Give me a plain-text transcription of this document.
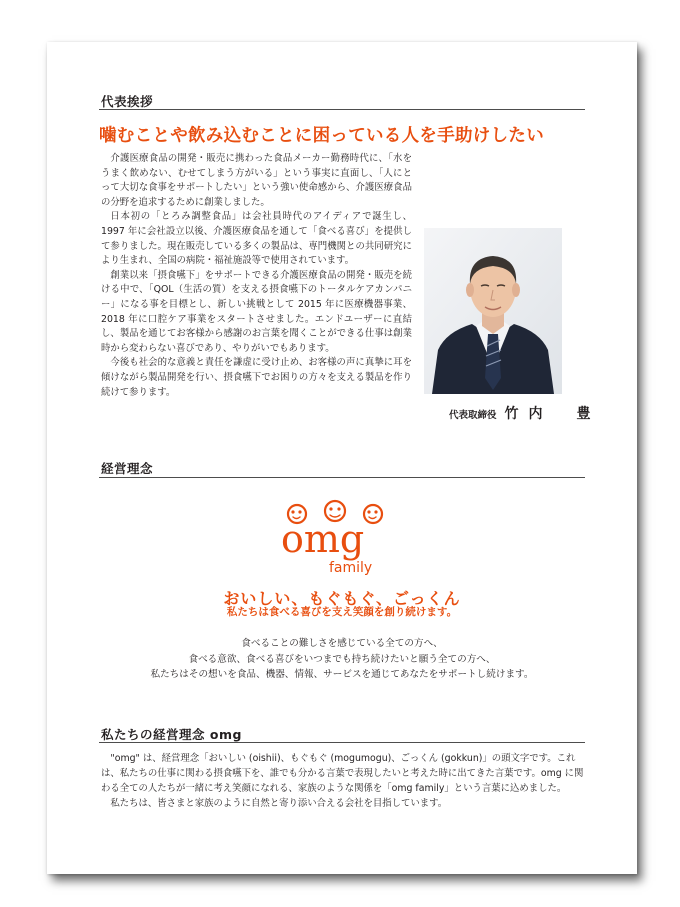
代表挨拶
噛むことや飲み込むことに困っている人を手助けしたい

介護医療食品の開発・販売に携わった食品メーカー勤務時代に、「水をうまく飲めない、むせてしまう方がいる」という事実に直面し、「人にとって大切な食事をサポートしたい」という強い使命感から、介護医療食品の分野を追求するために創業しました。

日本初の「とろみ調整食品」は会社員時代のアイディアで誕生し、1997 年に会社設立以後、介護医療食品を通して「食べる喜び」を提供して参りました。現在販売している多くの製品は、専門機関との共同研究により生まれ、全国の病院・福祉施設等で使用されています。

創業以来「摂食嚥下」をサポートできる介護医療食品の開発・販売を続ける中で、「QOL（生活の質）を支える摂食嚥下のトータルケアカンパニー」になる事を目標とし、新しい挑戦として 2015 年に医療機器事業、2018 年に口腔ケア事業をスタートさせました。エンドユーザーに直結し、製品を通じてお客様から感謝のお言葉を聞くことができる仕事は創業時から変わらない喜びであり、やりがいでもあります。

今後も社会的な意義と責任を謙虚に受け止め、お客様の声に真摯に耳を傾けながら製品開発を行い、摂食嚥下でお困りの方々を支える製品を作り続けて参ります。

代表取締役 竹内　豊
経営理念
omg
family
おいしい、もぐもぐ、ごっくん
私たちは食べる喜びを支え笑顔を創り続けます。
食べることの難しさを感じている全ての方へ、
食べる意欲、食べる喜びをいつまでも持ち続けたいと願う全ての方へ、
私たちはその想いを食品、機器、情報、サービスを通じてあなたをサポートし続けます。
私たちの経営理念 omg

"omg" は、経営理念「おいしい (oishii)、もぐもぐ (mogumogu)、ごっくん (gokkun)」の頭文字です。これは、私たちの仕事に関わる摂食嚥下を、誰でも分かる言葉で表現したいと考えた時に出てきた言葉です。omg に関わる全ての人たちが一緒に考え笑顔になれる、家族のような関係を「omg family」という言葉に込めました。

私たちは、皆さまと家族のように自然と寄り添い合える会社を目指しています。
